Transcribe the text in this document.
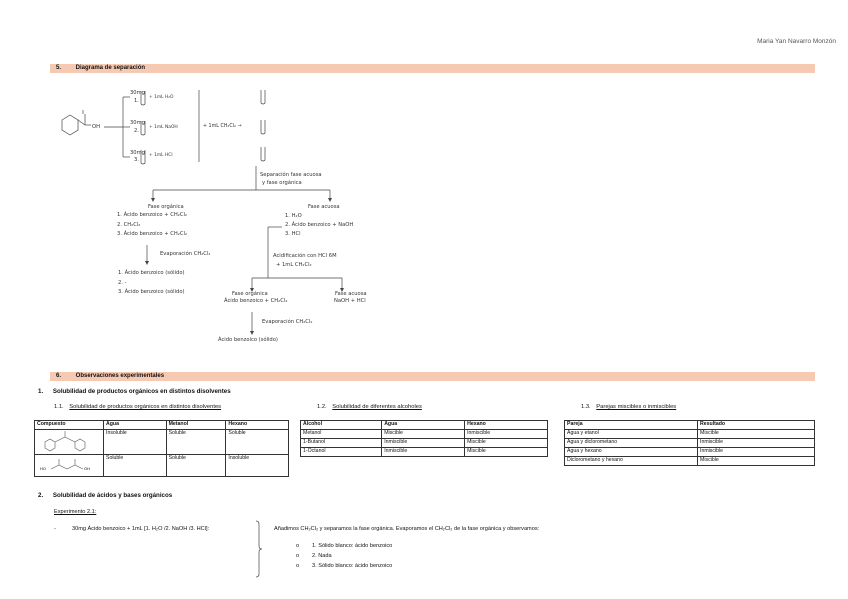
Maria Yan Navarro Monzón
5. Diagrama de separación
OH
30mg
1.
+ 1mL H₂O
30mg
2.
+ 1mL NaOH
30mg
3.
+ 1mL HCl
+ 1mL CH₂Cl₂ →
Separación fase acuosa
y fase orgánica
Fase orgánica
1. Ácido benzoico + CH₂Cl₂
2. CH₂Cl₂
3. Ácido benzoico + CH₂Cl₂
Evaporación CH₂Cl₂
1. Ácido benzoico (sólido)
2. -
3. Ácido benzoico (sólido)
Fase acuosa
1. H₂O
2. Ácido benzoico + NaOH
3. HCl
Acidificación con HCl 6M
+ 1mL CH₂Cl₂
Fase orgánica
Ácido benzoico + CH₂Cl₂
Fase acuosa
NaOH + HCl
Evaporación CH₂Cl₂
Ácido benzoico (sólido)
6. Observaciones experimentales
1. Solubilidad de productos orgánicos en distintos disolventes
1.1. Solubilidad de productos orgánicos en distintos disolventes	1.2. Solubilidad de diferentes alcoholes	1.3. Parejas miscibles o inmiscibles
Compuesto	Agua	Metanol	Hexano
	Insoluble	Soluble	Soluble

HO OH	Soluble	Soluble	Insoluble
Alcohol	Agua	Hexano
Metanol	Miscible	Inmiscible
1-Butanol	Inmiscible	Miscible
1-Octanol	Inmiscible	Miscible
Pareja	Resultado
Agua y etanol	Miscible
Agua y diclorometano	Inmiscible
Agua y hexano	Inmiscible
Diclorometano y hexano	Miscible
2. Solubilidad de ácidos y bases orgánicos
Experimento 2.1:
-	30mg Ácido benzoico + 1mL [1. H₂O /2. NaOH /3. HCl]:	Añadimos CH₂Cl₂ y separamos la fase orgánica. Evaporamos el CH₂Cl₂ de la fase orgánica y observamos:
o 1. Sólido blanco: ácido benzoico
o 2. Nada
o 3. Sólido blanco: ácido benzoico
